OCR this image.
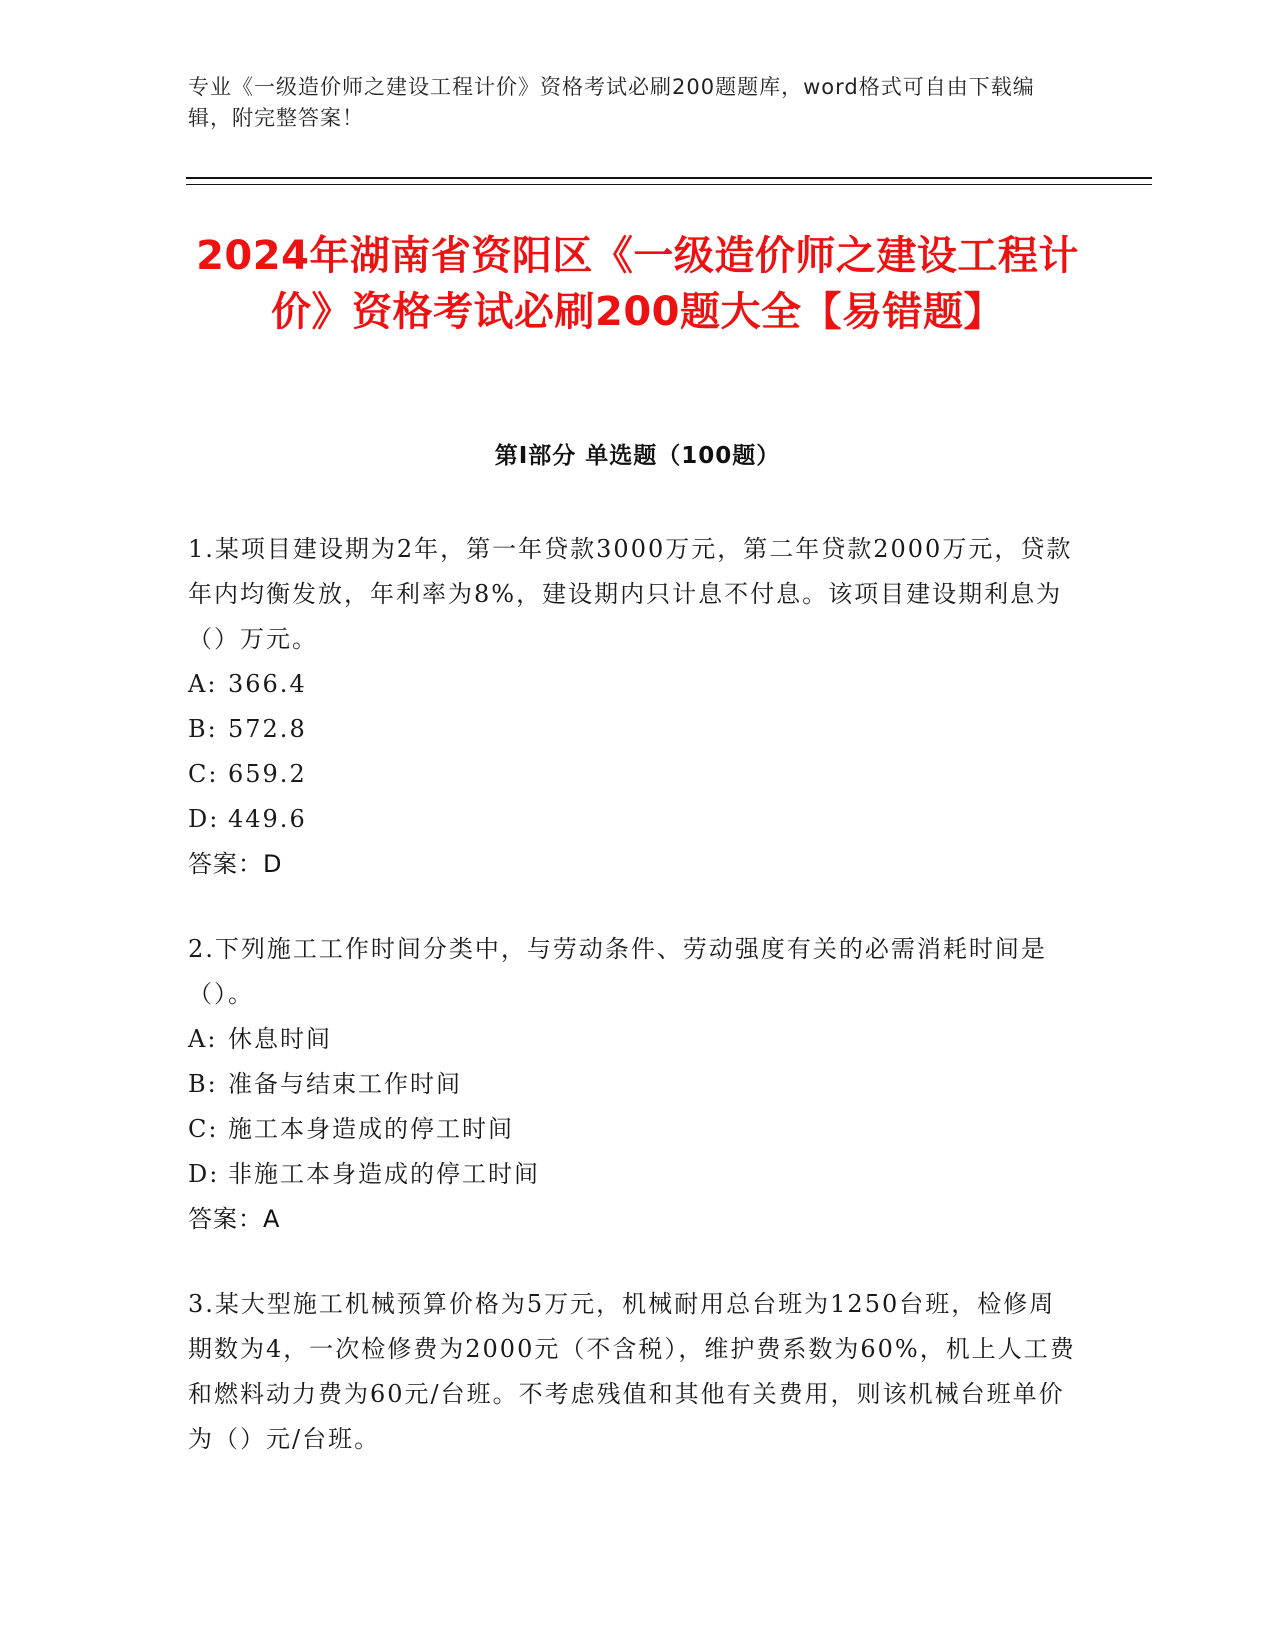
专业《一级造价师之建设工程计价》资格考试必刷200题题库，word格式可自由下载编辑，附完整答案！
2024年湖南省资阳区《一级造价师之建设工程计价》资格考试必刷200题大全【易错题】
第I部分 单选题（100题）
1.某项目建设期为2年，第一年贷款3000万元，第二年贷款2000万元，贷款年内均衡发放，年利率为8%，建设期内只计息不付息。该项目建设期利息为（）万元。
A: 366.4
B: 572.8
C: 659.2
D: 449.6
答案：D
2.下列施工工作时间分类中，与劳动条件、劳动强度有关的必需消耗时间是（）。
A: 休息时间
B: 准备与结束工作时间
C: 施工本身造成的停工时间
D: 非施工本身造成的停工时间
答案：A
3.某大型施工机械预算价格为5万元，机械耐用总台班为1250台班，检修周期数为4，一次检修费为2000元（不含税），维护费系数为60%，机上人工费和燃料动力费为60元/台班。不考虑残值和其他有关费用，则该机械台班单价为（）元/台班。
